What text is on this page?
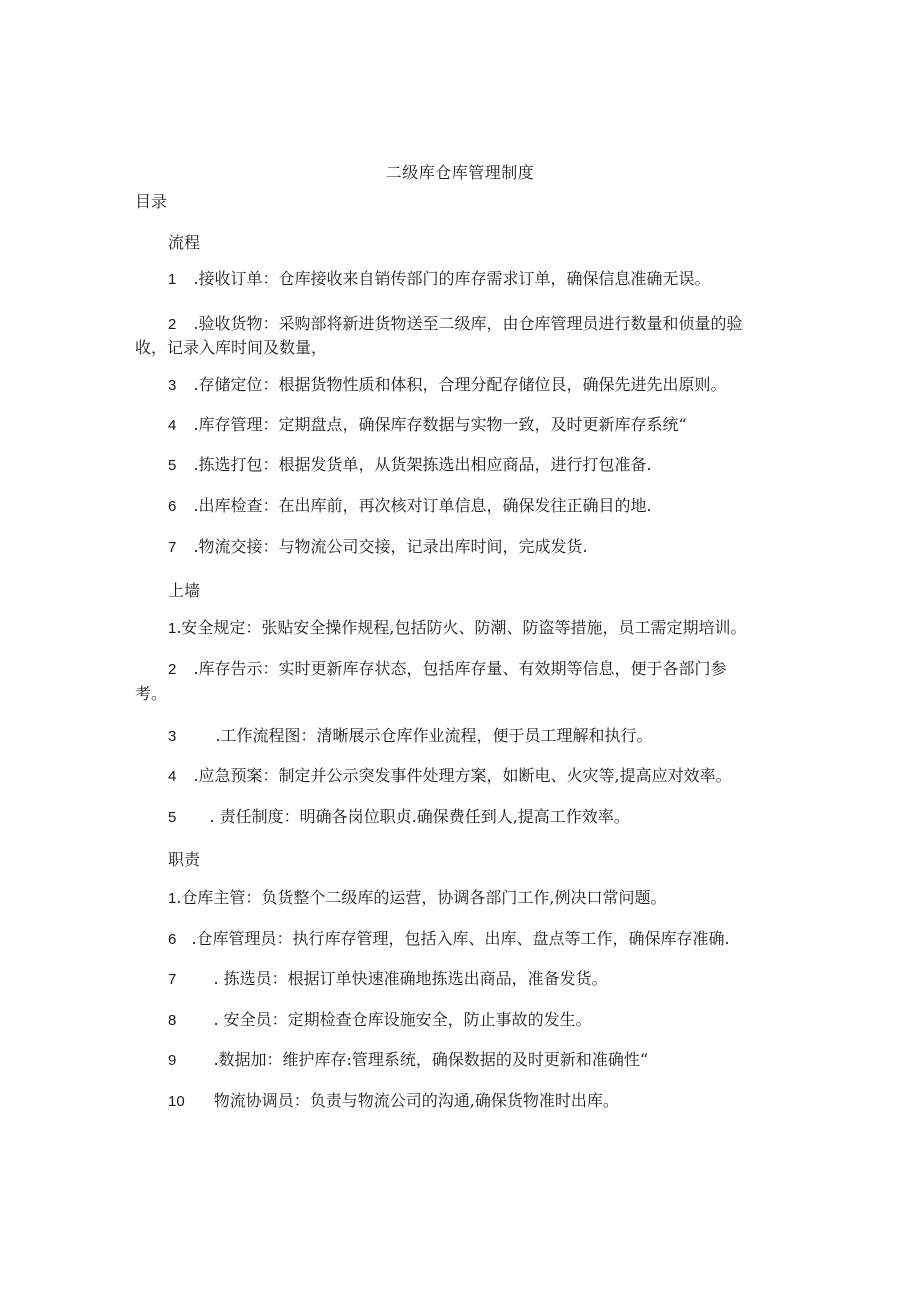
二级库仓库管理制度
目录
流程
1 .接收订单：仓库接收来自销传部门的库存需求订单，确保信息准确无误。
2 .验收货物：采购部将新进货物送至二级库，由仓库管理员进行数量和侦量的验
收，记录入库时间及数量，
3 .存储定位：根据货物性质和体积，合理分配存储位艮，确保先进先出原则。
4 .库存管理：定期盘点，确保库存数据与实物一致，及时更新库存系统“
5 .拣选打包：根据发货单，从货架拣选出相应商品，进行打包准备.
6 .出库检查：在出库前，再次核对订单信息，确保发往正确目的地.
7 .物流交接：与物流公司交接，记录出库时间，完成发货.
上墙
1.安全规定：张贴安全操作规程,包括防火、防潮、防盗等措施，员工需定期培训。
2 .库存告示：实时更新库存状态，包括库存量、有效期等信息，便于各部门参
考。
3 .工作流程图：清晰展示仓库作业流程，便于员工理解和执行。
4 .应急预案：制定并公示突发事件处理方案，如断电、火灾等,提高应对效率。
5 . 责任制度：明确各岗位职贞.确保费任到人,提高工作效率。
职责
1.仓库主管：负货整个二级库的运营，协调各部门工作,例决口常问题。
6 .仓库管理员：执行库存管理，包括入库、出库、盘点等工作，确保库存准确.
7 . 拣选员：根据订单快速准确地拣选出商品，准备发货。
8 . 安全员：定期检查仓库设施安全，防止事故的发生。
9 .数据加：维护库存:管理系统，确保数据的及时更新和准确性“
10 物流协调员：负责与物流公司的沟通,确保货物准时出库。
